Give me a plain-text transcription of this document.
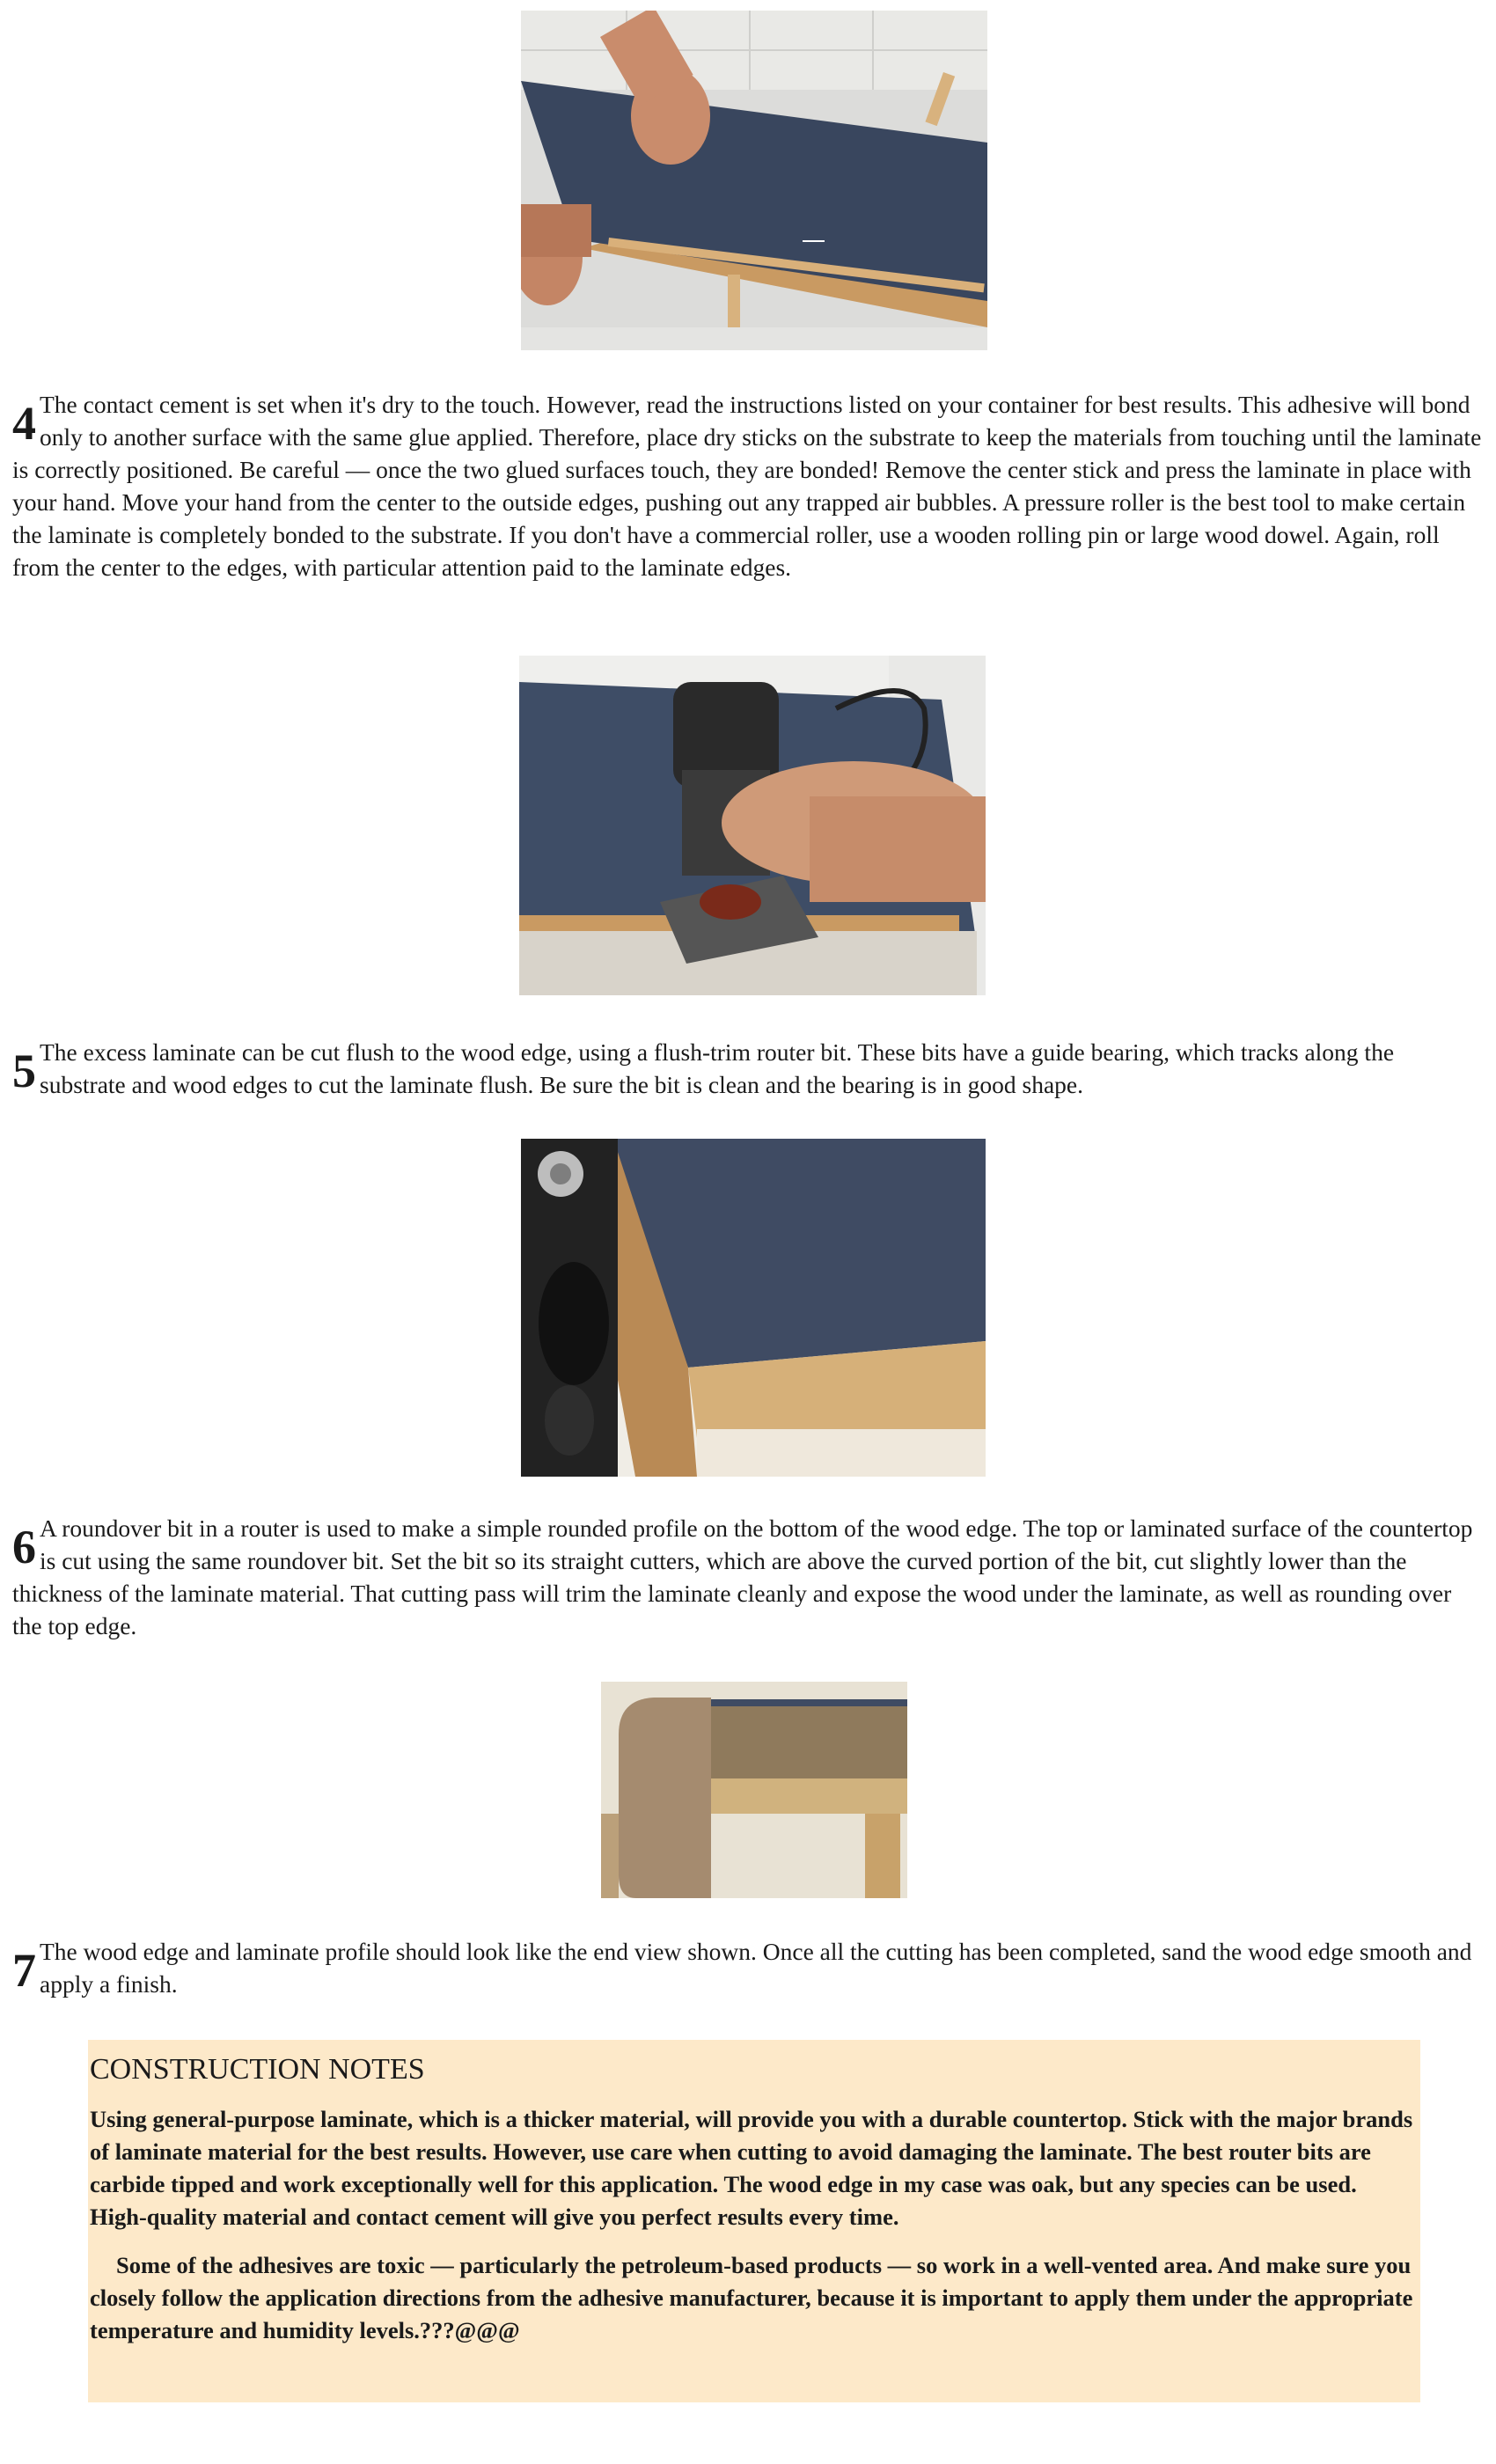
4 The contact cement is set when it's dry to the touch. However, read the instructions listed on your container for best results. This adhesive will bond only to another surface with the same glue applied. Therefore, place dry sticks on the substrate to keep the materials from touching until the laminate is correctly positioned. Be careful — once the two glued surfaces touch, they are bonded! Remove the center stick and press the laminate in place with your hand. Move your hand from the center to the outside edges, pushing out any trapped air bubbles. A pressure roller is the best tool to make certain the laminate is completely bonded to the substrate. If you don't have a commercial roller, use a wooden rolling pin or large wood dowel. Again, roll from the center to the edges, with particular attention paid to the laminate edges.
5 The excess laminate can be cut flush to the wood edge, using a flush-trim router bit. These bits have a guide bearing, which tracks along the substrate and wood edges to cut the laminate flush. Be sure the bit is clean and the bearing is in good shape.
6 A roundover bit in a router is used to make a simple rounded profile on the bottom of the wood edge. The top or laminated surface of the countertop is cut using the same roundover bit. Set the bit so its straight cutters, which are above the curved portion of the bit, cut slightly lower than the thickness of the laminate material. That cutting pass will trim the laminate cleanly and expose the wood under the laminate, as well as rounding over the top edge.
7 The wood edge and laminate profile should look like the end view shown. Once all the cutting has been completed, sand the wood edge smooth and apply a finish.
CONSTRUCTION NOTES

Using general-purpose laminate, which is a thicker material, will provide you with a durable countertop. Stick with the major brands of laminate material for the best results. However, use care when cutting to avoid damaging the laminate. The best router bits are carbide tipped and work exceptionally well for this application. The wood edge in my case was oak, but any species can be used. High-quality material and contact cement will give you perfect results every time.

Some of the adhesives are toxic — particularly the petroleum-based products — so work in a well-vented area. And make sure you closely follow the application directions from the adhesive manufacturer, because it is important to apply them under the appropriate temperature and humidity levels.???@@@
